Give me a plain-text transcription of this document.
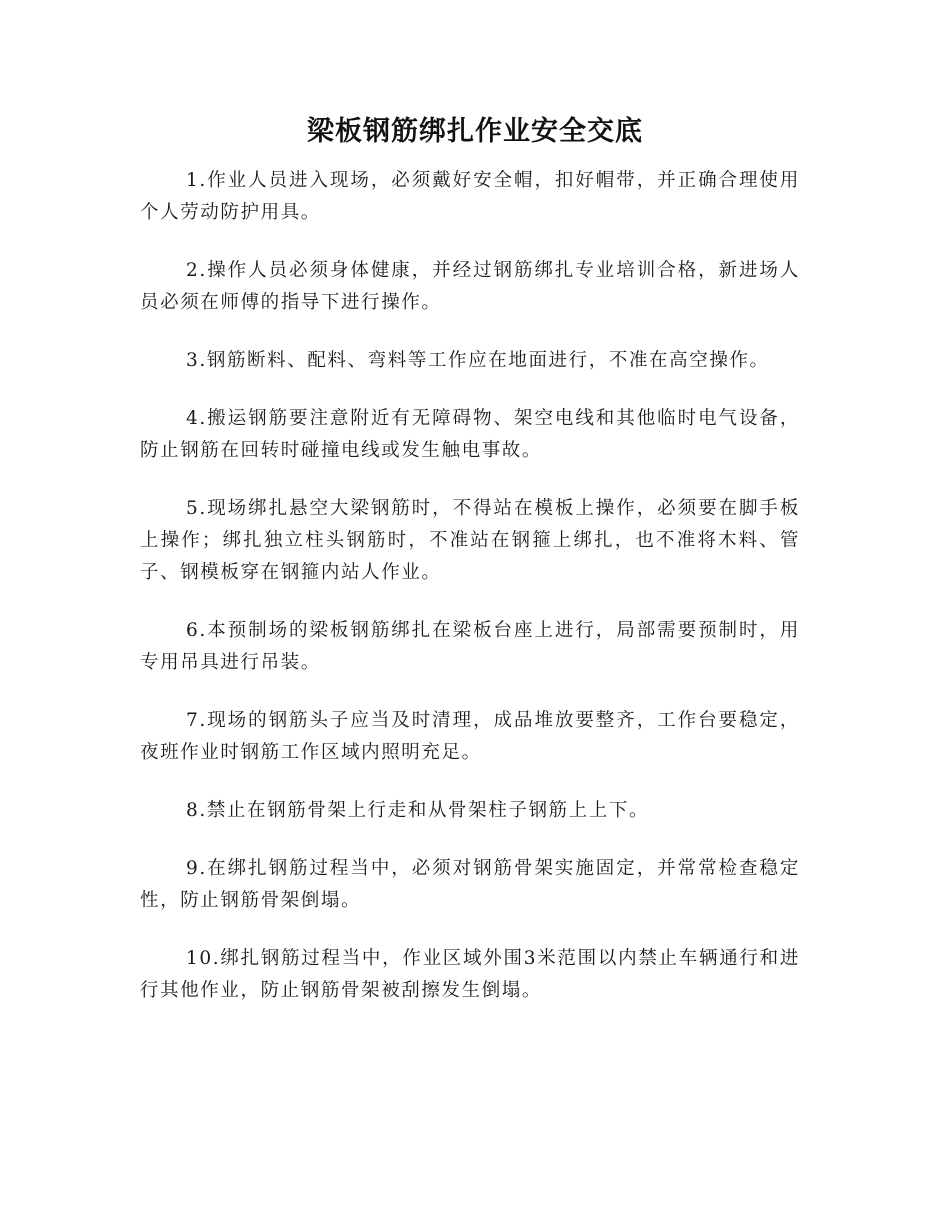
梁板钢筋绑扎作业安全交底

1.作业人员进入现场，必须戴好安全帽，扣好帽带，并正确合理使用个人劳动防护用具。

2.操作人员必须身体健康，并经过钢筋绑扎专业培训合格，新进场人员必须在师傅的指导下进行操作。

3.钢筋断料、配料、弯料等工作应在地面进行，不准在高空操作。

4.搬运钢筋要注意附近有无障碍物、架空电线和其他临时电气设备，防止钢筋在回转时碰撞电线或发生触电事故。

5.现场绑扎悬空大梁钢筋时，不得站在模板上操作，必须要在脚手板上操作；绑扎独立柱头钢筋时，不准站在钢箍上绑扎，也不准将木料、管子、钢模板穿在钢箍内站人作业。

6.本预制场的梁板钢筋绑扎在梁板台座上进行，局部需要预制时，用专用吊具进行吊装。

7.现场的钢筋头子应当及时清理，成品堆放要整齐，工作台要稳定，夜班作业时钢筋工作区域内照明充足。

8.禁止在钢筋骨架上行走和从骨架柱子钢筋上上下。

9.在绑扎钢筋过程当中，必须对钢筋骨架实施固定，并常常检查稳定性，防止钢筋骨架倒塌。

10.绑扎钢筋过程当中，作业区域外围3米范围以内禁止车辆通行和进行其他作业，防止钢筋骨架被刮擦发生倒塌。
